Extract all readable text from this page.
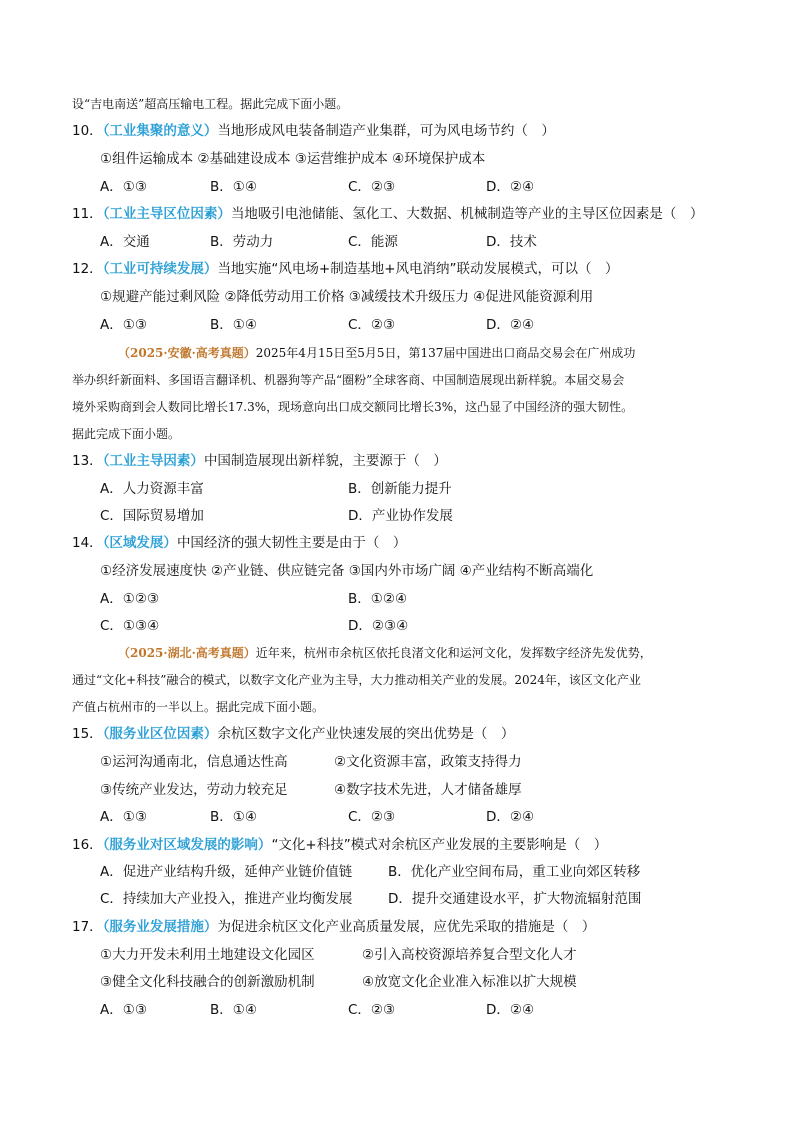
设“吉电南送”超高压输电工程。据此完成下面小题。
10．（工业集聚的意义）当地形成风电装备制造产业集群，可为风电场节约（　）
①组件运输成本 ②基础建设成本 ③运营维护成本 ④环境保护成本
A．①③	B．①④	C．②③	D．②④
11．（工业主导区位因素）当地吸引电池储能、氢化工、大数据、机械制造等产业的主导区位因素是（　）
A．交通	B．劳动力	C．能源	D．技术
12．（工业可持续发展）当地实施“风电场+制造基地+风电消纳”联动发展模式，可以（　）
①规避产能过剩风险 ②降低劳动用工价格 ③减缓技术升级压力 ④促进风能资源利用
A．①③	B．①④	C．②③	D．②④
（2025·安徽·高考真题）2025年4月15日至5月5日，第137届中国进出口商品交易会在广州成功
举办织纤新面料、多国语言翻译机、机器狗等产品“圈粉”全球客商、中国制造展现出新样貌。本届交易会
境外采购商到会人数同比增长17.3%，现场意向出口成交额同比增长3%，这凸显了中国经济的强大韧性。
据此完成下面小题。
13．（工业主导因素）中国制造展现出新样貌，主要源于（　）
A．人力资源丰富	B．创新能力提升
C．国际贸易增加	D．产业协作发展
14．（区域发展）中国经济的强大韧性主要是由于（　）
①经济发展速度快 ②产业链、供应链完备 ③国内外市场广阔 ④产业结构不断高端化
A．①②③	B．①②④
C．①③④	D．②③④
（2025·湖北·高考真题）近年来，杭州市余杭区依托良渚文化和运河文化，发挥数字经济先发优势，
通过“文化+科技”融合的模式，以数字文化产业为主导，大力推动相关产业的发展。2024年，该区文化产业
产值占杭州市的一半以上。据此完成下面小题。
15．（服务业区位因素）余杭区数字文化产业快速发展的突出优势是（　）
①运河沟通南北，信息通达性高	②文化资源丰富，政策支持得力
③传统产业发达，劳动力较充足	④数字技术先进，人才储备雄厚
A．①③	B．①④	C．②③	D．②④
16．（服务业对区域发展的影响）“文化+科技”模式对余杭区产业发展的主要影响是（　）
A．促进产业结构升级，延伸产业链价值链	B．优化产业空间布局，重工业向郊区转移
C．持续加大产业投入，推进产业均衡发展	D．提升交通建设水平，扩大物流辐射范围
17．（服务业发展措施）为促进余杭区文化产业高质量发展，应优先采取的措施是（　）
①大力开发未利用土地建设文化园区	②引入高校资源培养复合型文化人才
③健全文化科技融合的创新激励机制	④放宽文化企业准入标准以扩大规模
A．①③	B．①④	C．②③	D．②④
